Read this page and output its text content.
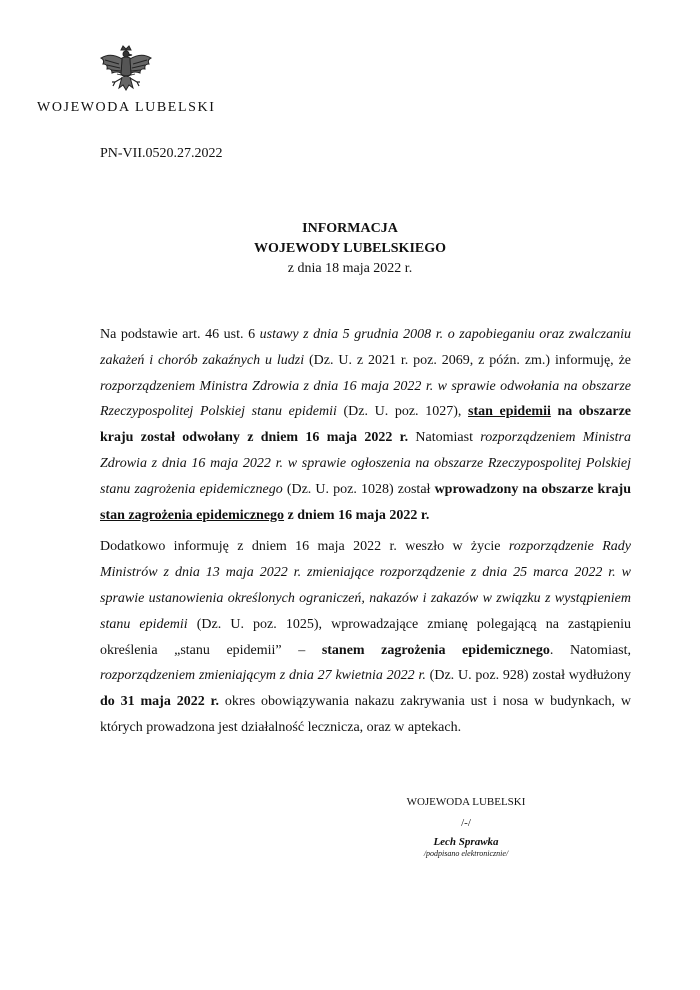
WOJEWODA LUBELSKI
PN-VII.0520.27.2022
INFORMACJA
WOJEWODY LUBELSKIEGO
z dnia 18 maja 2022 r.

Na podstawie art. 46 ust. 6 ustawy z dnia 5 grudnia 2008 r. o zapobieganiu oraz zwalczaniu zakażeń i chorób zakaźnych u ludzi (Dz. U. z 2021 r. poz. 2069, z późn. zm.) informuję, że rozporządzeniem Ministra Zdrowia z dnia 16 maja 2022 r. w sprawie odwołania na obszarze Rzeczypospolitej Polskiej stanu epidemii (Dz. U. poz. 1027), stan epidemii na obszarze kraju został odwołany z dniem 16 maja 2022 r. Natomiast rozporządzeniem Ministra Zdrowia z dnia 16 maja 2022 r. w sprawie ogłoszenia na obszarze Rzeczypospolitej Polskiej stanu zagrożenia epidemicznego (Dz. U. poz. 1028) został wprowadzony na obszarze kraju stan zagrożenia epidemicznego z dniem 16 maja 2022 r.

Dodatkowo informuję z dniem 16 maja 2022 r. weszło w życie rozporządzenie Rady Ministrów z dnia 13 maja 2022 r. zmieniające rozporządzenie z dnia 25 marca 2022 r. w sprawie ustanowienia określonych ograniczeń, nakazów i zakazów w związku z wystąpieniem stanu epidemii (Dz. U. poz. 1025), wprowadzające zmianę polegającą na zastąpieniu określenia „stanu epidemii” – stanem zagrożenia epidemicznego. Natomiast, rozporządzeniem zmieniającym z dnia 27 kwietnia 2022 r. (Dz. U. poz. 928) został wydłużony do 31 maja 2022 r. okres obowiązywania nakazu zakrywania ust i nosa w budynkach, w których prowadzona jest działalność lecznicza, oraz w aptekach.

WOJEWODA LUBELSKI
/-/
Lech Sprawka
/podpisano elektronicznie/
